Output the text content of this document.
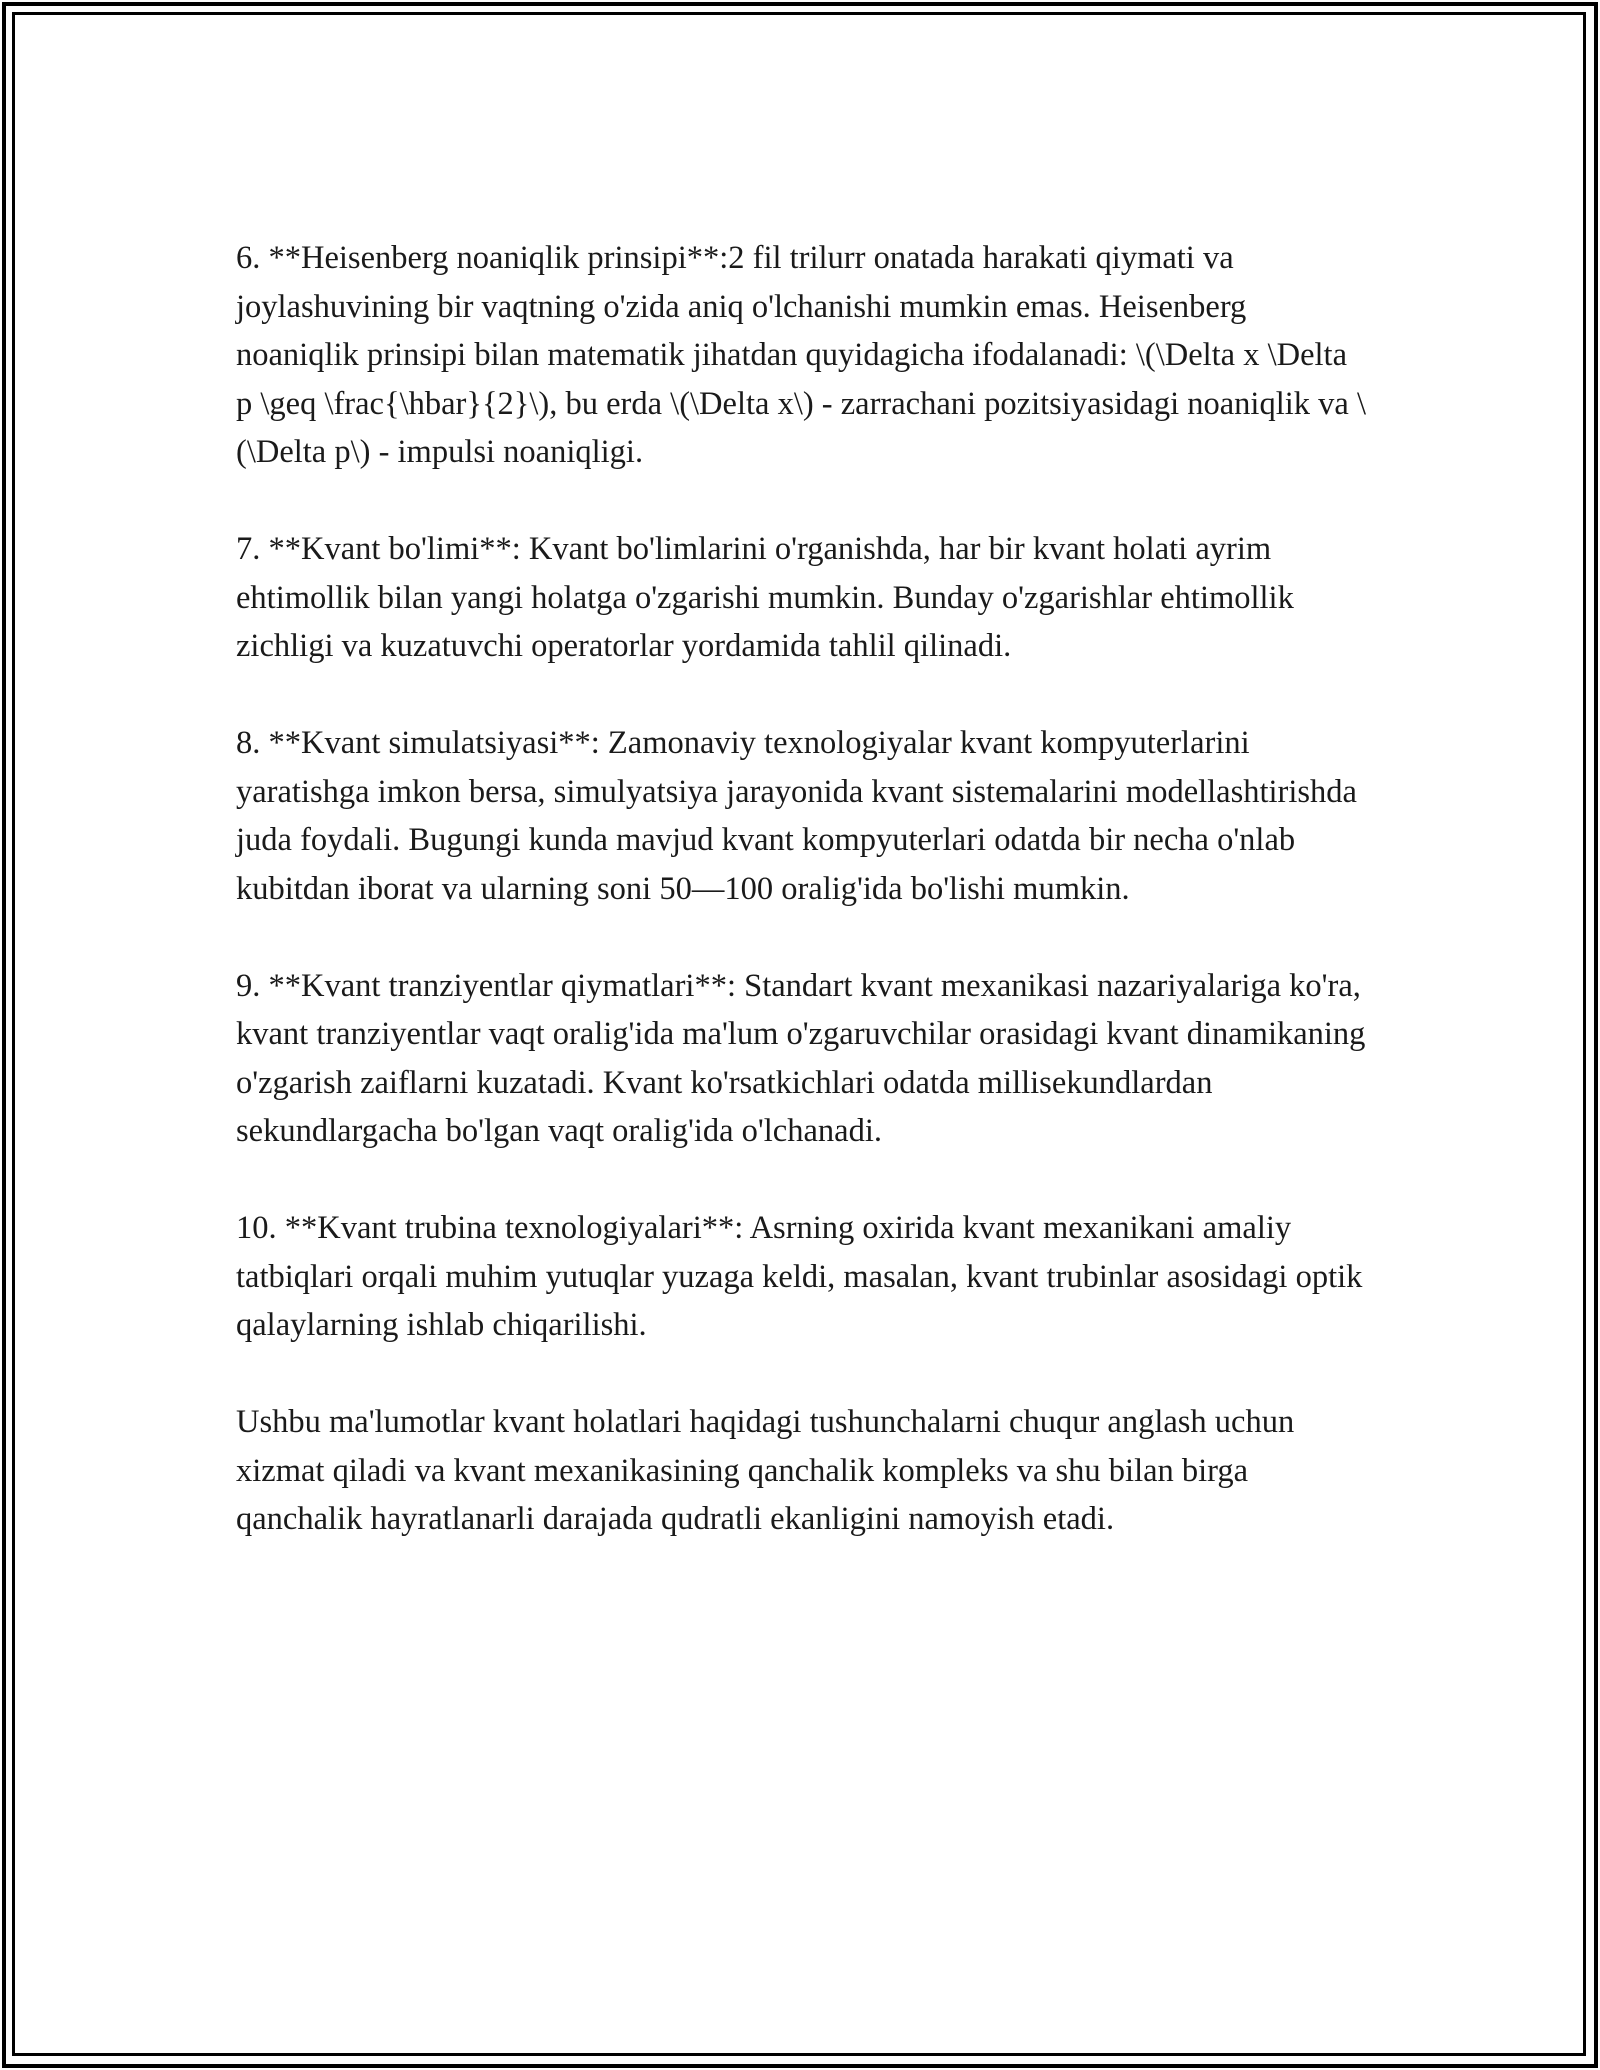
6. **Heisenberg noaniqlik prinsipi**:2 fil trilurr onatada harakati qiymati va joylashuvining bir vaqtning o'zida aniq o'lchanishi mumkin emas. Heisenberg noaniqlik prinsipi bilan matematik jihatdan quyidagicha ifodalanadi: \(\Delta x \Delta p \geq \frac{\hbar}{2}\), bu erda \(\Delta x\) - zarrachani pozitsiyasidagi noaniqlik va \(\Delta p\) - impulsi noaniqligi.

7. **Kvant bo'limi**: Kvant bo'limlarini o'rganishda, har bir kvant holati ayrim ehtimollik bilan yangi holatga o'zgarishi mumkin. Bunday o'zgarishlar ehtimollik zichligi va kuzatuvchi operatorlar yordamida tahlil qilinadi.

8. **Kvant simulatsiyasi**: Zamonaviy texnologiyalar kvant kompyuterlarini yaratishga imkon bersa, simulyatsiya jarayonida kvant sistemalarini modellashtirishda juda foydali. Bugungi kunda mavjud kvant kompyuterlari odatda bir necha o'nlab kubitdan iborat va ularning soni 50—100 oralig'ida bo'lishi mumkin.

9. **Kvant tranziyentlar qiymatlari**: Standart kvant mexanikasi nazariyalariga ko'ra, kvant tranziyentlar vaqt oralig'ida ma'lum o'zgaruvchilar orasidagi kvant dinamikaning o'zgarish zaiflarni kuzatadi. Kvant ko'rsatkichlari odatda millisekundlardan sekundlargacha bo'lgan vaqt oralig'ida o'lchanadi.

10. **Kvant trubina texnologiyalari**: Asrning oxirida kvant mexanikani amaliy tatbiqlari orqali muhim yutuqlar yuzaga keldi, masalan, kvant trubinlar asosidagi optik qalaylarning ishlab chiqarilishi.

Ushbu ma'lumotlar kvant holatlari haqidagi tushunchalarni chuqur anglash uchun xizmat qiladi va kvant mexanikasining qanchalik kompleks va shu bilan birga qanchalik hayratlanarli darajada qudratli ekanligini namoyish etadi.
